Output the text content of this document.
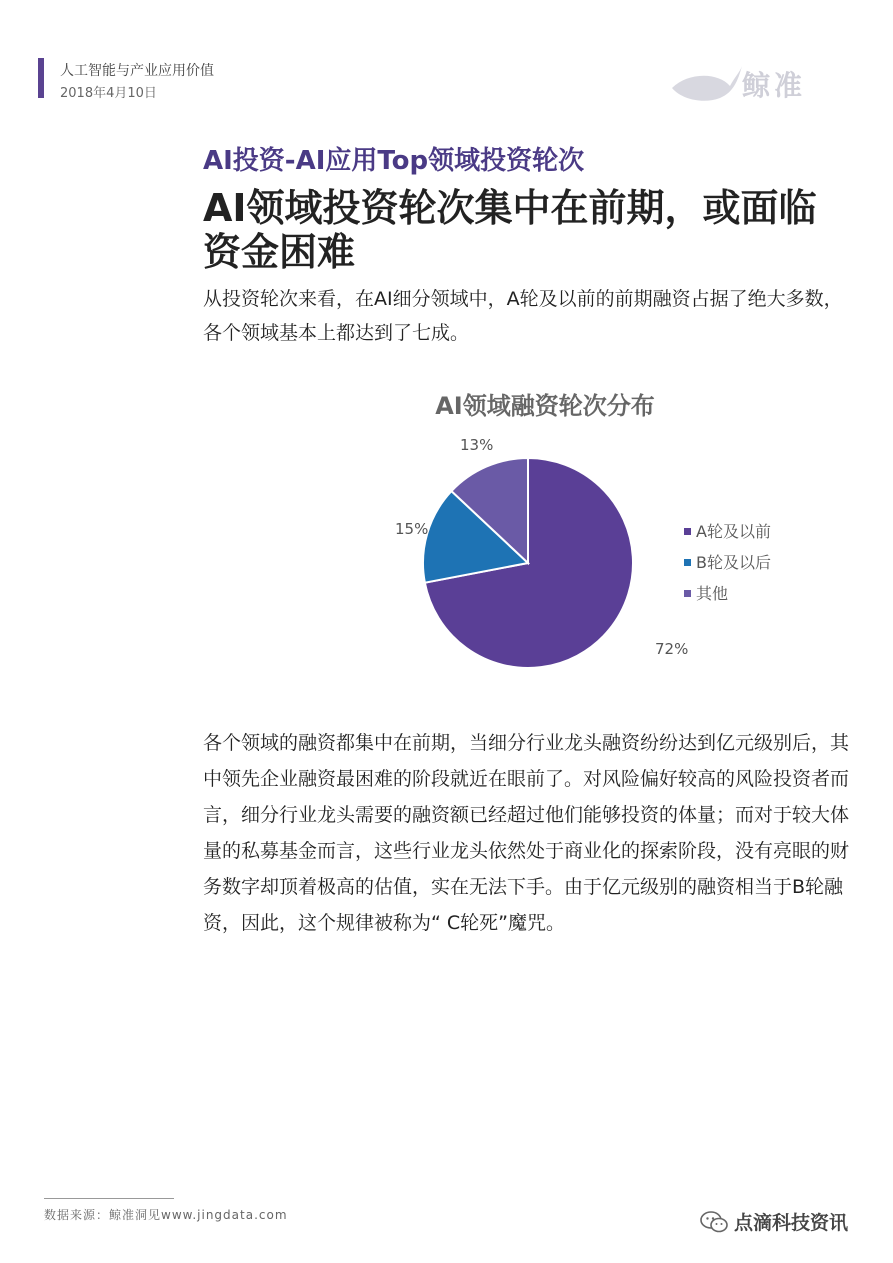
人工智能与产业应用价值
2018年4月10日	鲸准
AI投资-AI应用Top领域投资轮次
AI领域投资轮次集中在前期，或面临资金困难
从投资轮次来看，在AI细分领域中，A轮及以前的前期融资占据了绝大多数，各个领域基本上都达到了七成。
AI领域融资轮次分布
72%
15%
13%
A轮及以前
B轮及以后
其他
各个领域的融资都集中在前期，当细分行业龙头融资纷纷达到亿元级别后，其中领先企业融资最困难的阶段就近在眼前了。对风险偏好较高的风险投资者而言，细分行业龙头需要的融资额已经超过他们能够投资的体量；而对于较大体量的私募基金而言，这些行业龙头依然处于商业化的探索阶段，没有亮眼的财务数字却顶着极高的估值，实在无法下手。由于亿元级别的融资相当于B轮融资，因此，这个规律被称为“ C轮死”魔咒。
数据来源：鲸准洞见www.jingdata.com	点滴科技资讯
